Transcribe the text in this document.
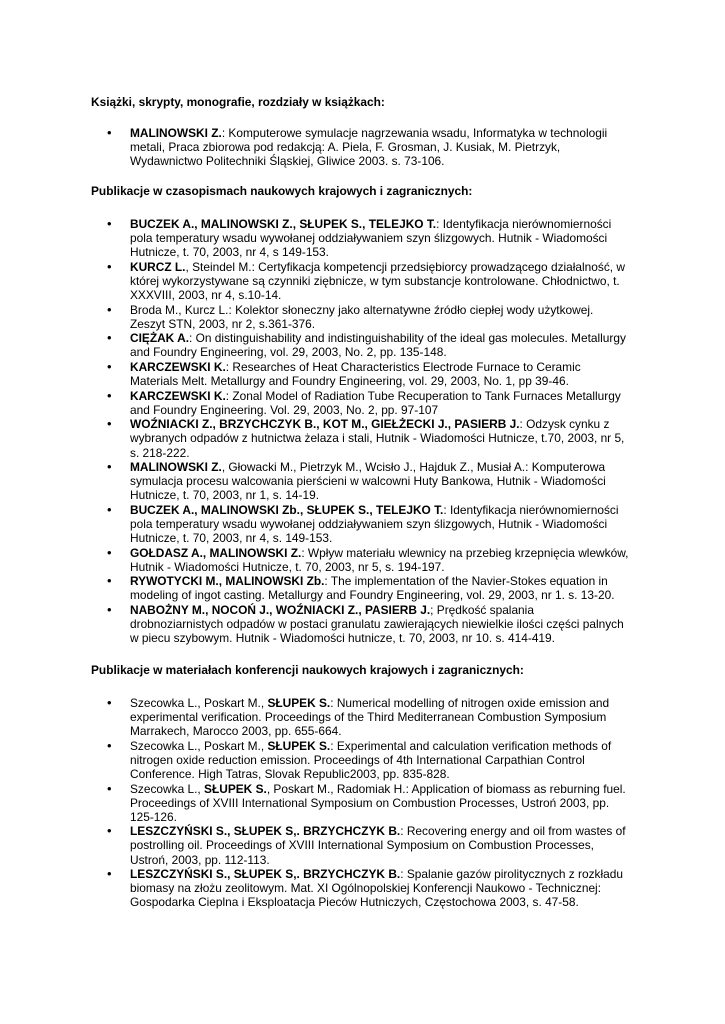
Książki, skrypty, monografie, rozdziały w książkach:
• MALINOWSKI Z.: Komputerowe symulacje nagrzewania wsadu, Informatyka w technologii metali, Praca zbiorowa pod redakcją: A. Piela, F. Grosman, J. Kusiak, M. Pietrzyk, Wydawnictwo Politechniki Śląskiej, Gliwice 2003. s. 73-106.
Publikacje w czasopismach naukowych krajowych i zagranicznych:
• BUCZEK A., MALINOWSKI Z., SŁUPEK S., TELEJKO T.: Identyfikacja nierównomierności pola temperatury wsadu wywołanej oddziaływaniem szyn ślizgowych. Hutnik - Wiadomości Hutnicze, t. 70, 2003, nr 4, s 149-153.
• KURCZ L., Steindel M.: Certyfikacja kompetencji przedsiębiorcy prowadzącego działalność, w której wykorzystywane są czynniki ziębnicze, w tym substancje kontrolowane. Chłodnictwo, t. XXXVIII, 2003, nr 4, s.10-14.
• Broda M., Kurcz L.: Kolektor słoneczny jako alternatywne źródło ciepłej wody użytkowej. Zeszyt STN, 2003, nr 2, s.361-376.
• CIĘŻAK A.: On distinguishability and indistinguishability of the ideal gas molecules. Metallurgy and Foundry Engineering, vol. 29, 2003, No. 2, pp. 135-148.
• KARCZEWSKI K.: Researches of Heat Characteristics Electrode Furnace to Ceramic Materials Melt. Metallurgy and Foundry Engineering, vol. 29, 2003, No. 1, pp 39-46.
• KARCZEWSKI K.: Zonal Model of Radiation Tube Recuperation to Tank Furnaces Metallurgy and Foundry Engineering. Vol. 29, 2003, No. 2, pp. 97-107
• WOŹNIACKI Z., BRZYCHCZYK B., KOT M., GIEŁŻECKI J., PASIERB J.: Odzysk cynku z wybranych odpadów z hutnictwa żelaza i stali, Hutnik - Wiadomości Hutnicze, t.70, 2003, nr 5, s. 218-222.
• MALINOWSKI Z., Głowacki M., Pietrzyk M., Wcisło J., Hajduk Z., Musiał A.: Komputerowa symulacja procesu walcowania pierścieni w walcowni Huty Bankowa, Hutnik - Wiadomości Hutnicze, t. 70, 2003, nr 1, s. 14-19.
• BUCZEK A., MALINOWSKI Zb., SŁUPEK S., TELEJKO T.: Identyfikacja nierównomierności pola temperatury wsadu wywołanej oddziaływaniem szyn ślizgowych, Hutnik - Wiadomości Hutnicze, t. 70, 2003, nr 4, s. 149-153.
• GOŁDASZ A., MALINOWSKI Z.: Wpływ materiału wlewnicy na przebieg krzepnięcia wlewków, Hutnik - Wiadomości Hutnicze, t. 70, 2003, nr 5, s. 194-197.
• RYWOTYCKI M., MALINOWSKI Zb.: The implementation of the Navier-Stokes equation in modeling of ingot casting. Metallurgy and Foundry Engineering, vol. 29, 2003, nr 1. s. 13-20.
• NABOŻNY M., NOCOŃ J., WOŹNIACKI Z., PASIERB J.; Prędkość spalania drobnoziarnistych odpadów w postaci granulatu zawierających niewielkie ilości części palnych w piecu szybowym. Hutnik - Wiadomości hutnicze, t. 70, 2003, nr 10. s. 414-419.
Publikacje w materiałach konferencji naukowych krajowych i zagranicznych:
• Szecowka L., Poskart M., SŁUPEK S.: Numerical modelling of nitrogen oxide emission and experimental verification. Proceedings of the Third Mediterranean Combustion Symposium Marrakech, Marocco 2003, pp. 655-664.
• Szecowka L., Poskart M., SŁUPEK S.: Experimental and calculation verification methods of nitrogen oxide reduction emission. Proceedings of 4th International Carpathian Control Conference. High Tatras, Slovak Republic2003, pp. 835-828.
• Szecowka L., SŁUPEK S., Poskart M., Radomiak H.: Application of biomass as reburning fuel. Proceedings of XVIII International Symposium on Combustion Processes, Ustroń 2003, pp. 125-126.
• LESZCZYŃSKI S., SŁUPEK S,. BRZYCHCZYK B.: Recovering energy and oil from wastes of postrolling oil. Proceedings of XVIII International Symposium on Combustion Processes, Ustroń, 2003, pp. 112-113.
• LESZCZYŃSKI S., SŁUPEK S,. BRZYCHCZYK B.: Spalanie gazów pirolitycznych z rozkładu biomasy na złożu zeolitowym. Mat. XI Ogólnopolskiej Konferencji Naukowo - Technicznej: Gospodarka Cieplna i Eksploatacja Pieców Hutniczych, Częstochowa 2003, s. 47-58.
